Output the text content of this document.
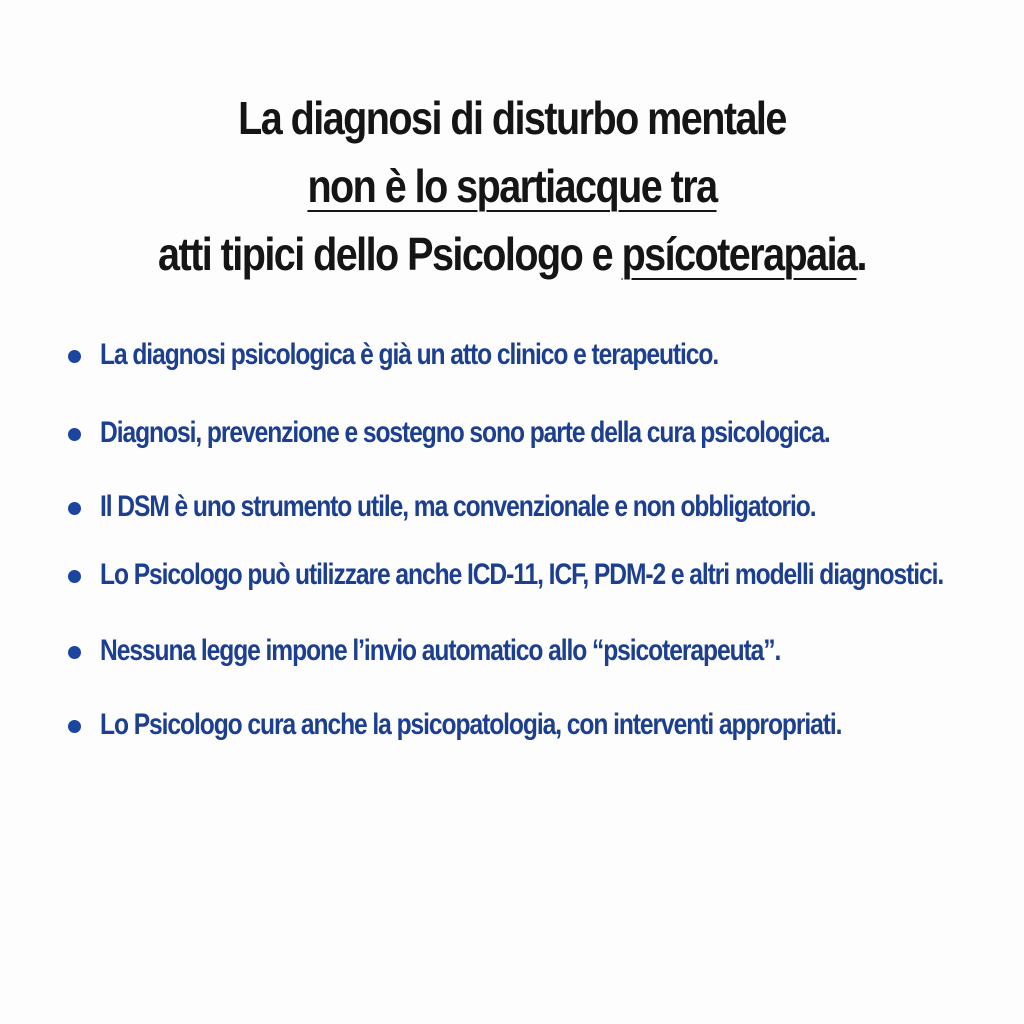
La diagnosi di disturbo mentale
non è lo spartiacque tra
atti tipici dello Psicologo e psícoterapaia.
La diagnosi psicologica è già un atto clinico e terapeutico.
Diagnosi, prevenzione e sostegno sono parte della cura psicologica.
Il DSM è uno strumento utile, ma convenzionale e non obbligatorio.
Lo Psicologo può utilizzare anche ICD-11, ICF, PDM-2 e altri modelli diagnostici.
Nessuna legge impone l’invio automatico allo “psicoterapeuta”.
Lo Psicologo cura anche la psicopatologia, con interventi appropriati.
